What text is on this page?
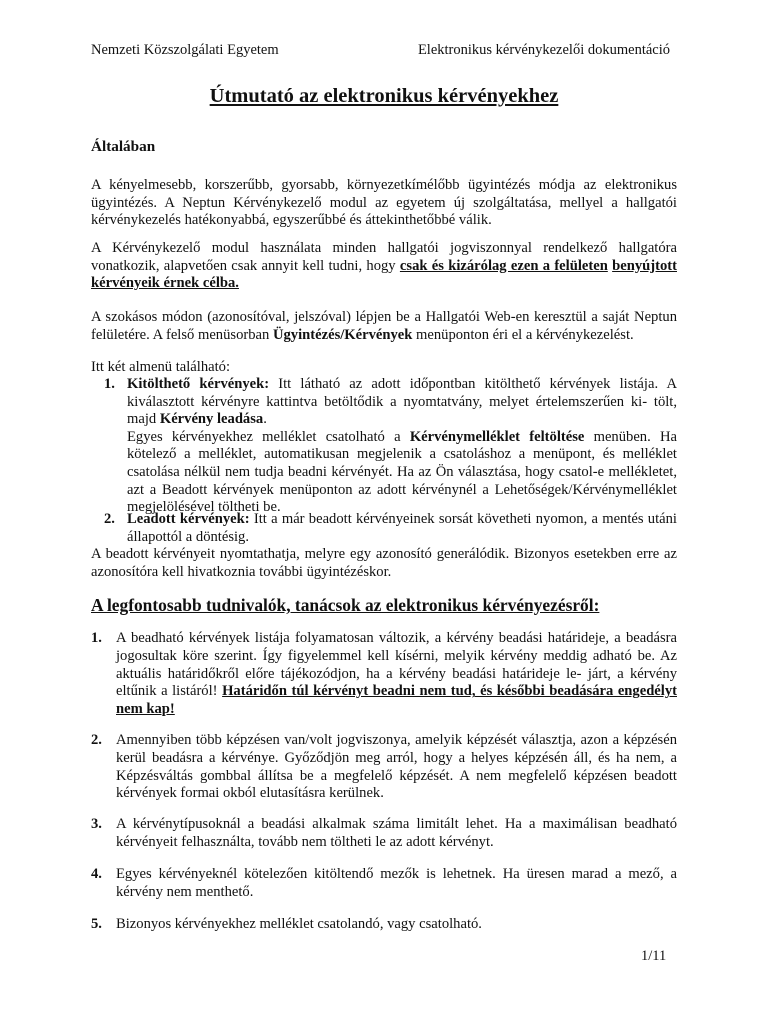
Nemzeti Közszolgálati Egyetem	Elektronikus kérvénykezelői dokumentáció
Útmutató az elektronikus kérvényekhez
Általában
A kényelmesebb, korszerűbb, gyorsabb, környezetkímélőbb ügyintézés módja az elektronikus ügyintézés. A Neptun Kérvénykezelő modul az egyetem új szolgáltatása, mellyel a hallgatói kérvénykezelés hatékonyabbá, egyszerűbbé és áttekinthetőbbé válik.
A Kérvénykezelő modul használata minden hallgatói jogviszonnyal rendelkező hallgatóra vonatkozik, alapvetően csak annyit kell tudni, hogy csak és kizárólag ezen a felületen benyújtott kérvényeik érnek célba.
A szokásos módon (azonosítóval, jelszóval) lépjen be a Hallgatói Web-en keresztül a saját Neptun felületére. A felső menüsorban Ügyintézés/Kérvények menüponton éri el a kérvénykezelést.
Itt két almenü található:
1. Kitölthető kérvények: Itt látható az adott időpontban kitölthető kérvények listája. A kiválasztott kérvényre kattintva betöltődik a nyomtatvány, melyet értelemszerűen ki- tölt, majd Kérvény leadása.
Egyes kérvényekhez melléklet csatolható a Kérvénymelléklet feltöltése menüben. Ha kötelező a melléklet, automatikusan megjelenik a csatoláshoz a menüpont, és melléklet csatolása nélkül nem tudja beadni kérvényét. Ha az Ön választása, hogy csatol-e mellékletet, azt a Beadott kérvények menüponton az adott kérvénynél a Lehetőségek/Kérvénymelléklet megjelölésével töltheti be.
2. Leadott kérvények: Itt a már beadott kérvényeinek sorsát követheti nyomon, a mentés utáni állapottól a döntésig.
A beadott kérvényeit nyomtathatja, melyre egy azonosító generálódik. Bizonyos esetekben erre az azonosítóra kell hivatkoznia további ügyintézéskor.
A legfontosabb tudnivalók, tanácsok az elektronikus kérvényezésről:
1. A beadható kérvények listája folyamatosan változik, a kérvény beadási határideje, a beadásra jogosultak köre szerint. Így figyelemmel kell kísérni, melyik kérvény meddig adható be. Az aktuális határidőkről előre tájékozódjon, ha a kérvény beadási határideje le- járt, a kérvény eltűnik a listáról! Határidőn túl kérvényt beadni nem tud, és későbbi beadására engedélyt nem kap!
2. Amennyiben több képzésen van/volt jogviszonya, amelyik képzését választja, azon a képzésén kerül beadásra a kérvénye. Győződjön meg arról, hogy a helyes képzésén áll, és ha nem, a Képzésváltás gombbal állítsa be a megfelelő képzését. A nem megfelelő képzésen beadott kérvények formai okból elutasításra kerülnek.
3. A kérvénytípusoknál a beadási alkalmak száma limitált lehet. Ha a maximálisan beadható kérvényeit felhasználta, tovább nem töltheti le az adott kérvényt.
4. Egyes kérvényeknél kötelezően kitöltendő mezők is lehetnek. Ha üresen marad a mező, a kérvény nem menthető.
5. Bizonyos kérvényekhez melléklet csatolandó, vagy csatolható.
1/11
